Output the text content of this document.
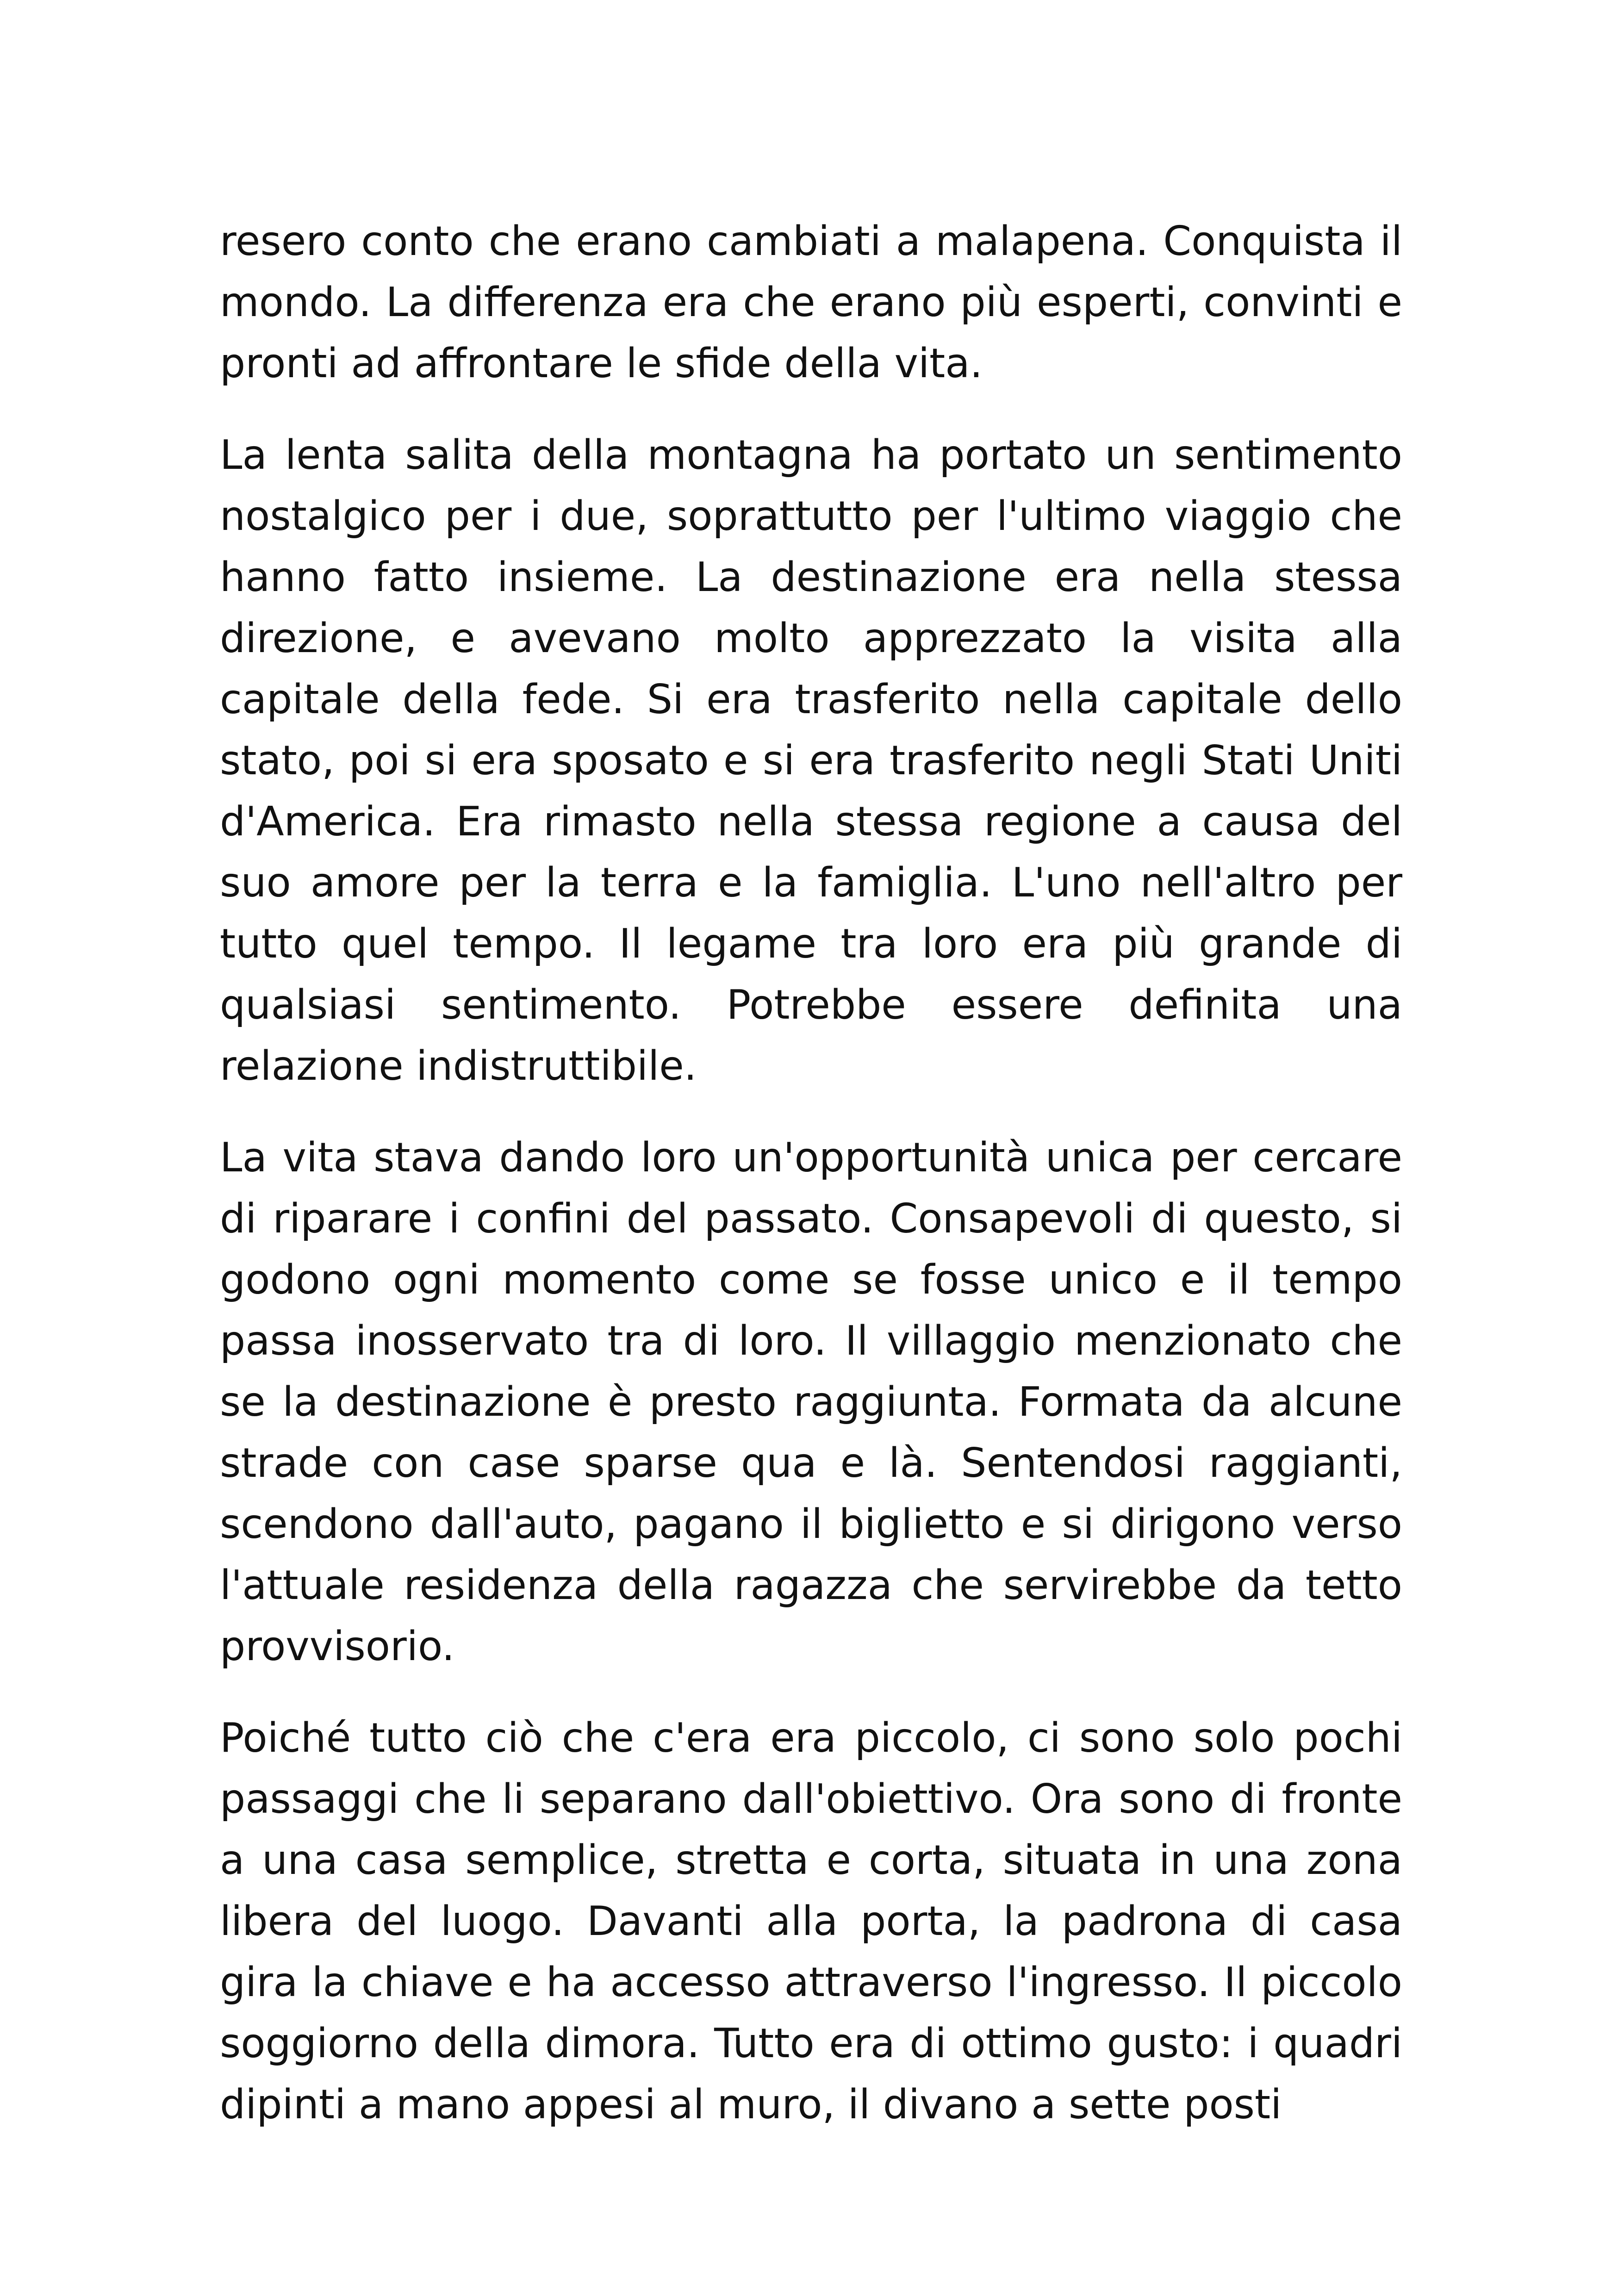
resero conto che erano cambiati a malapena. Conquista il mondo. La differenza era che erano più esperti, convinti e pronti ad affrontare le sfide della vita.

La lenta salita della montagna ha portato un sentimento nostalgico per i due, soprattutto per l'ultimo viaggio che hanno fatto insieme. La destinazione era nella stessa direzione, e avevano molto apprezzato la visita alla capitale della fede. Si era trasferito nella capitale dello stato, poi si era sposato e si era trasferito negli Stati Uniti d'America. Era rimasto nella stessa regione a causa del suo amore per la terra e la famiglia. L'uno nell'altro per tutto quel tempo. Il legame tra loro era più grande di qualsiasi sentimento. Potrebbe essere definita una relazione indistruttibile.

La vita stava dando loro un'opportunità unica per cercare di riparare i confini del passato. Consapevoli di questo, si godono ogni momento come se fosse unico e il tempo passa inosservato tra di loro. Il villaggio menzionato che se la destinazione è presto raggiunta. Formata da alcune strade con case sparse qua e là. Sentendosi raggianti, scendono dall'auto, pagano il biglietto e si dirigono verso l'attuale residenza della ragazza che servirebbe da tetto provvisorio.

Poiché tutto ciò che c'era era piccolo, ci sono solo pochi passaggi che li separano dall'obiettivo. Ora sono di fronte a una casa semplice, stretta e corta, situata in una zona libera del luogo. Davanti alla porta, la padrona di casa gira la chiave e ha accesso attraverso l'ingresso. Il piccolo soggiorno della dimora. Tutto era di ottimo gusto: i quadri dipinti a mano appesi al muro, il divano a sette posti
